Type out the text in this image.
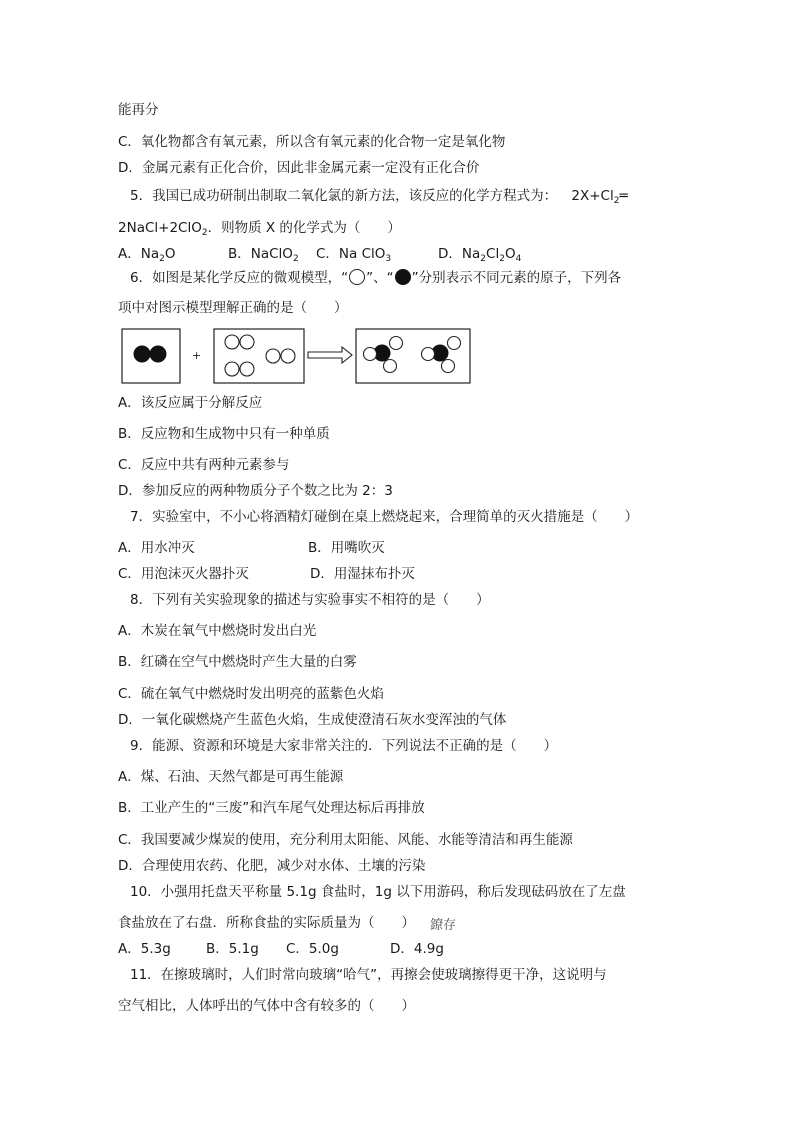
能再分
C．氧化物都含有氧元素，所以含有氧元素的化合物一定是氧化物
D．金属元素有正化合价，因此非金属元素一定没有正化合价
5．我国已成功研制出制取二氧化氯的新方法，该反应的化学方程式为： $2X+Cl_2═$
2NaCl+2ClO$_2$．则物质 X 的化学式为（　　）
A．$Na_2O$	B．NaClO$_2$ C．Na ClO$_3$	D．$Na_2Cl_2O_4$
6．如图是某化学反应的微观模型，“ ”、“ ”分别表示不同元素的原子，下列各
项中对图示模型理解正确的是（　　）
+
A．该反应属于分解反应
B．反应物和生成物中只有一种单质
C．反应中共有两种元素参与
D．参加反应的两种物质分子个数之比为 2：3
7．实验室中，不小心将酒精灯碰倒在桌上燃烧起来，合理简单的灭火措施是（　　）
A．用水冲灭	B．用嘴吹灭
C．用泡沫灭火器扑灭	D．用湿抹布扑灭
8．下列有关实验现象的描述与实验事实不相符的是（　　）
A．木炭在氧气中燃烧时发出白光
B．红磷在空气中燃烧时产生大量的白雾
C．硫在氧气中燃烧时发出明亮的蓝紫色火焰
D．一氧化碳燃烧产生蓝色火焰，生成使澄清石灰水变浑浊的气体
9．能源、资源和环境是大家非常关注的．下列说法不正确的是（　　）
A．煤、石油、天然气都是可再生能源
B．工业产生的“三废”和汽车尾气处理达标后再排放
C．我国要减少煤炭的使用，充分利用太阳能、风能、水能等清洁和再生能源
D．合理使用农药、化肥，减少对水体、土壤的污染
10．小强用托盘天平称量 5.1g 食盐时，1g 以下用游码，称后发现砝码放在了左盘
食盐放在了右盘．所称食盐的实际质量为（　　） 鐐存
A．5.3g	B．5.1g C．5.0g	D．4.9g
11．在擦玻璃时，人们时常向玻璃“哈气”，再擦会使玻璃擦得更干净，这说明与
空气相比，人体呼出的气体中含有较多的（　　）
